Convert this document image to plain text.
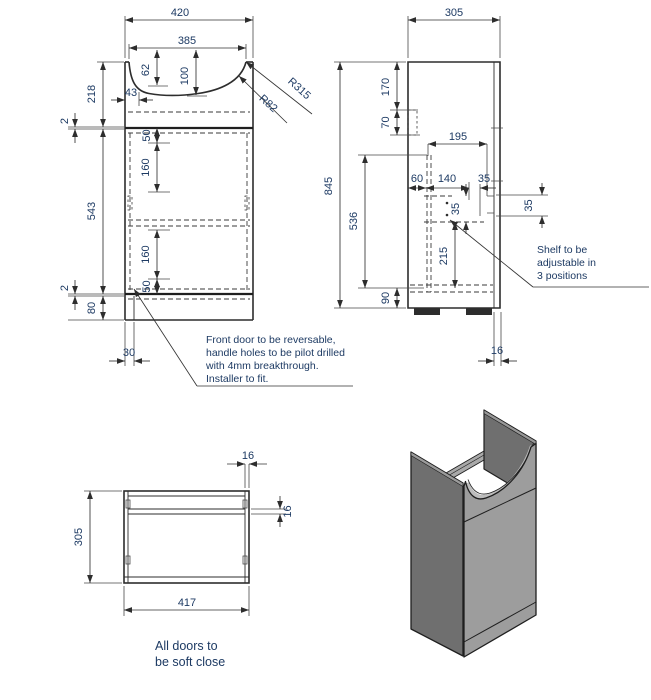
420
385
62 100
43	R315
R82
218
543
80
2
2
50
160
160
50
30
Front door to be reversable,
handle holes to be pilot drilled
with 4mm breakthrough.
Installer to fit.
305
845
170
70
536
90
195
60 140 35
35	35
215
16
Shelf to be
adjustable in
3 positions
305
417
16
16
All doors to
be soft close
